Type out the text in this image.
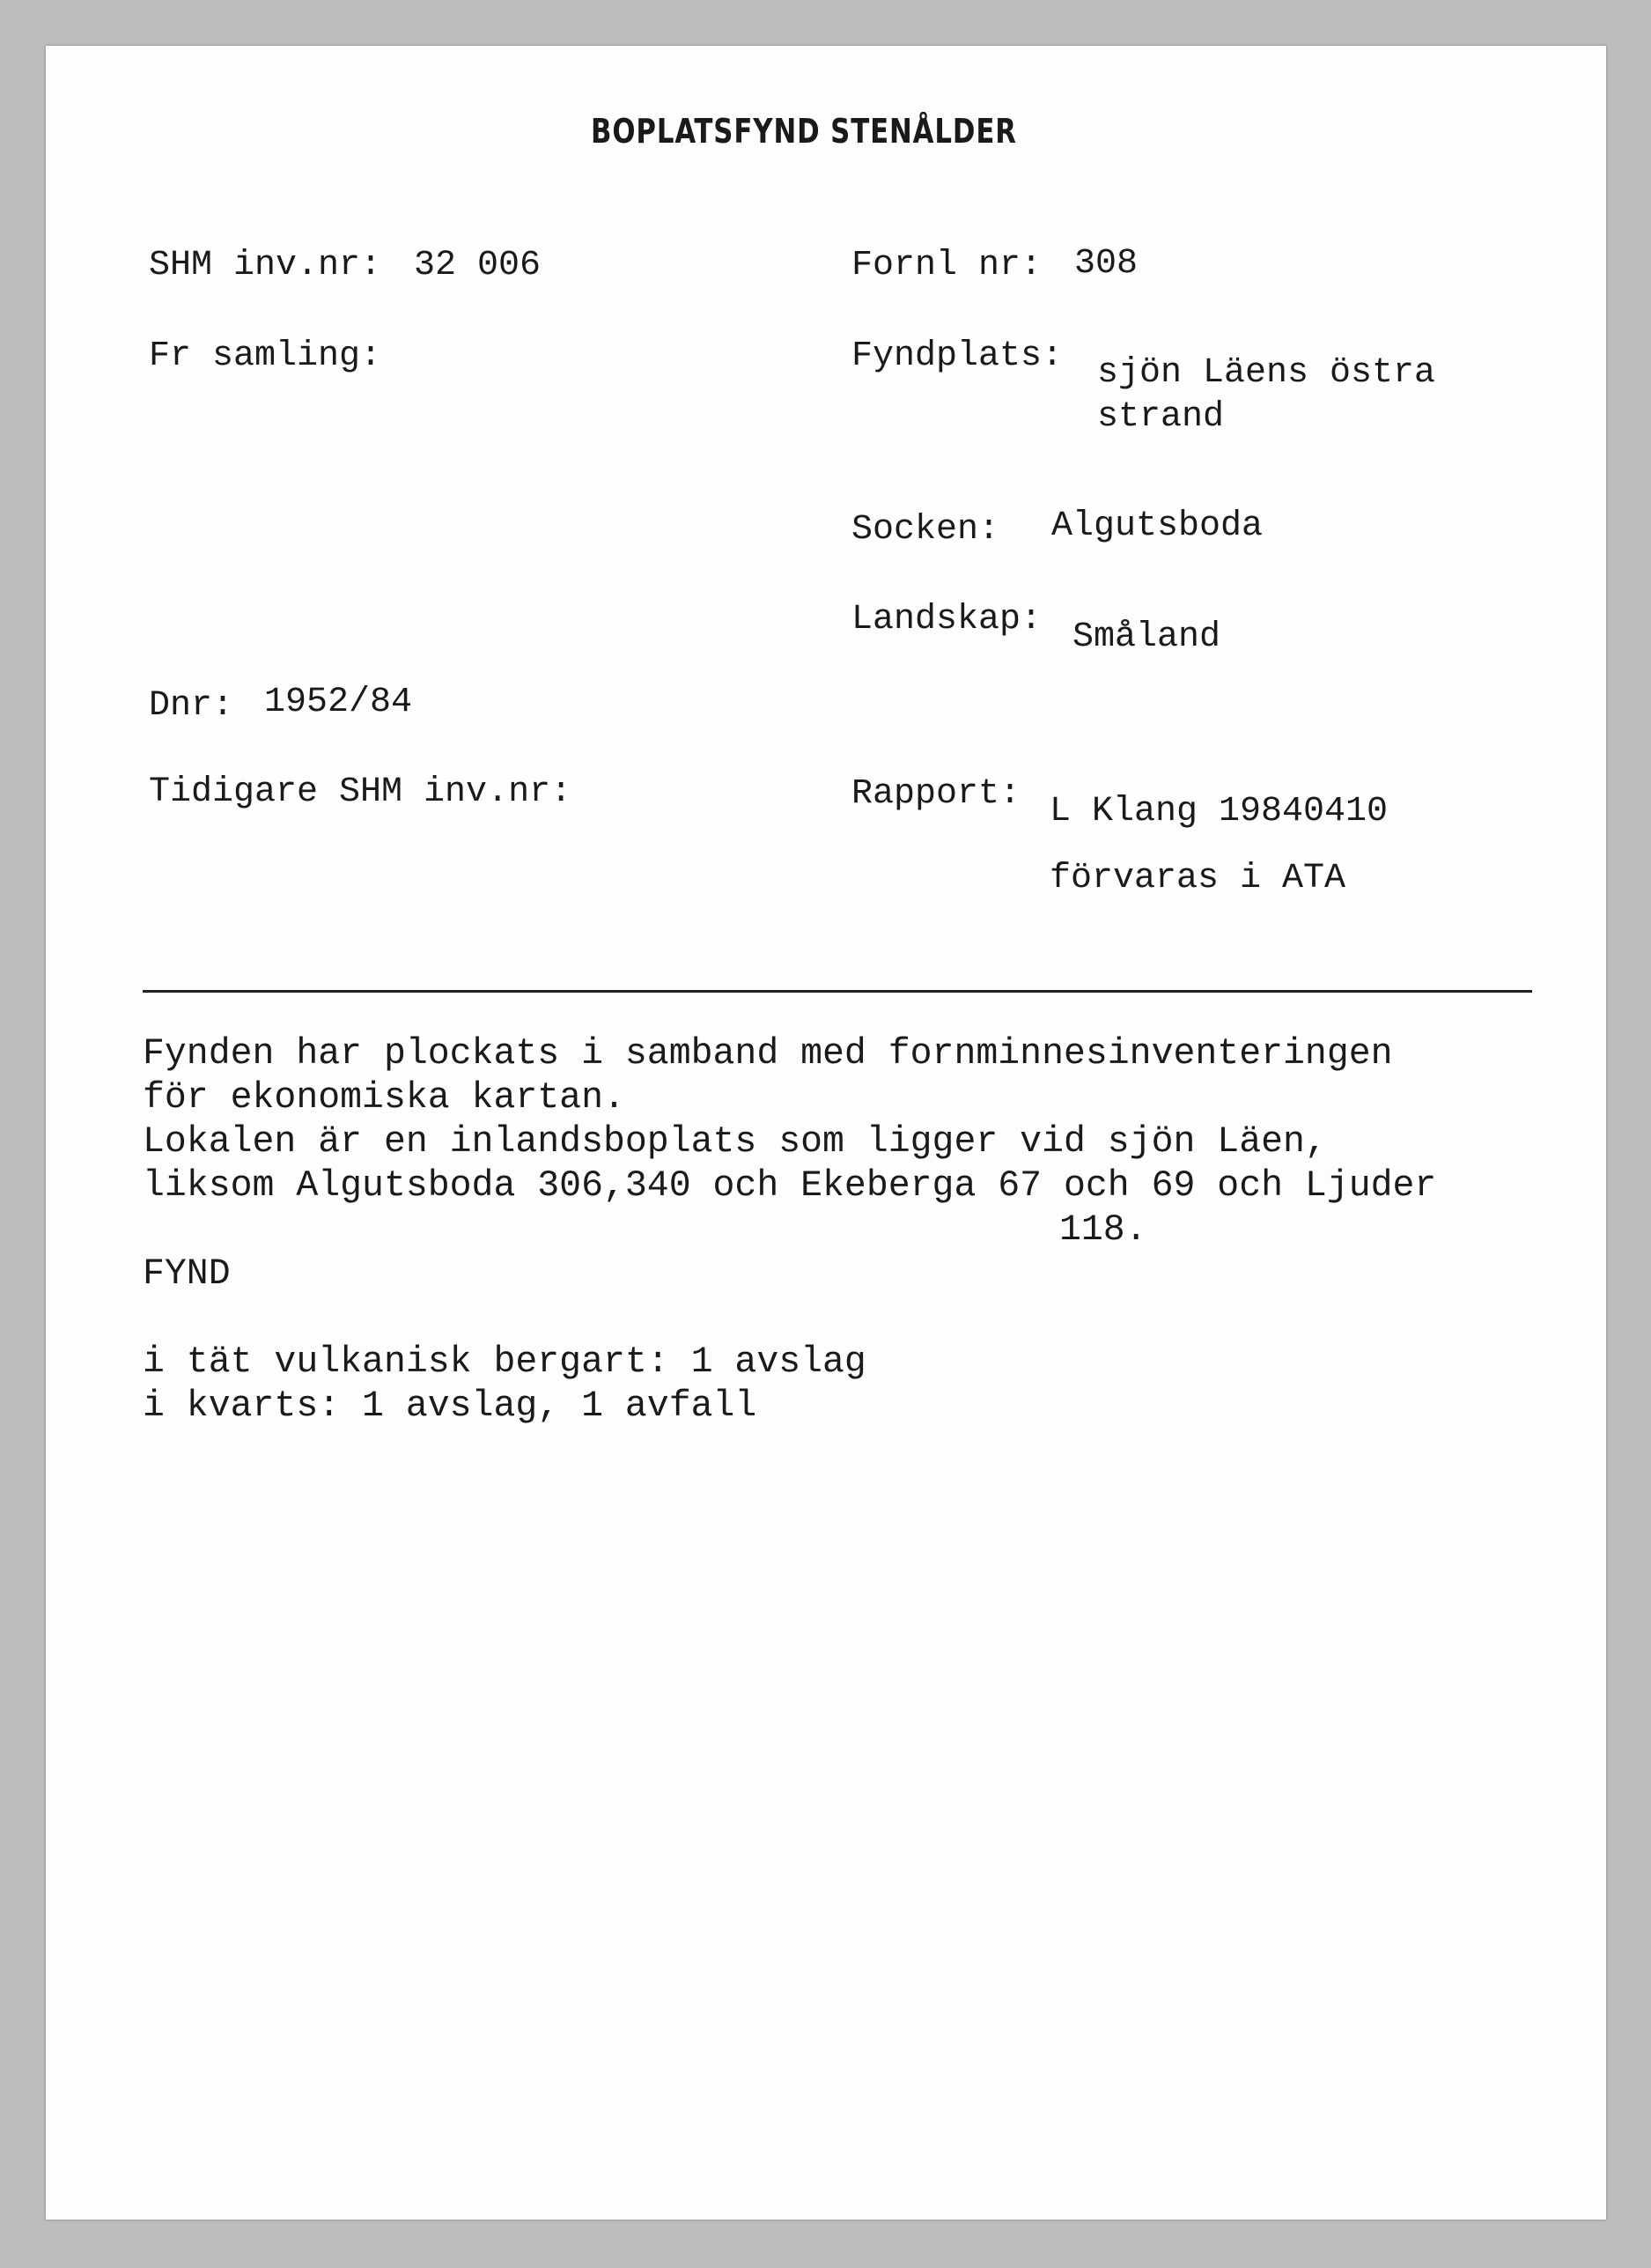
BOPLATSFYND STENÅLDER
SHM inv.nr: 32 006
Fr samling:
Dnr: 1952/84
Tidigare SHM inv.nr:
Fornl nr: 308
Fyndplats: sjön Läens östra
strand
Socken: Algutsboda
Landskap: Småland
Rapport: L Klang 19840410
förvaras i ATA
Fynden har plockats i samband med fornminnesinventeringen
för ekonomiska kartan.
Lokalen är en inlandsboplats som ligger vid sjön Läen,
liksom Algutsboda 306,340 och Ekeberga 67 och 69 och Ljuder
118.
FYND
i tät vulkanisk bergart: 1 avslag
i kvarts: 1 avslag, 1 avfall
